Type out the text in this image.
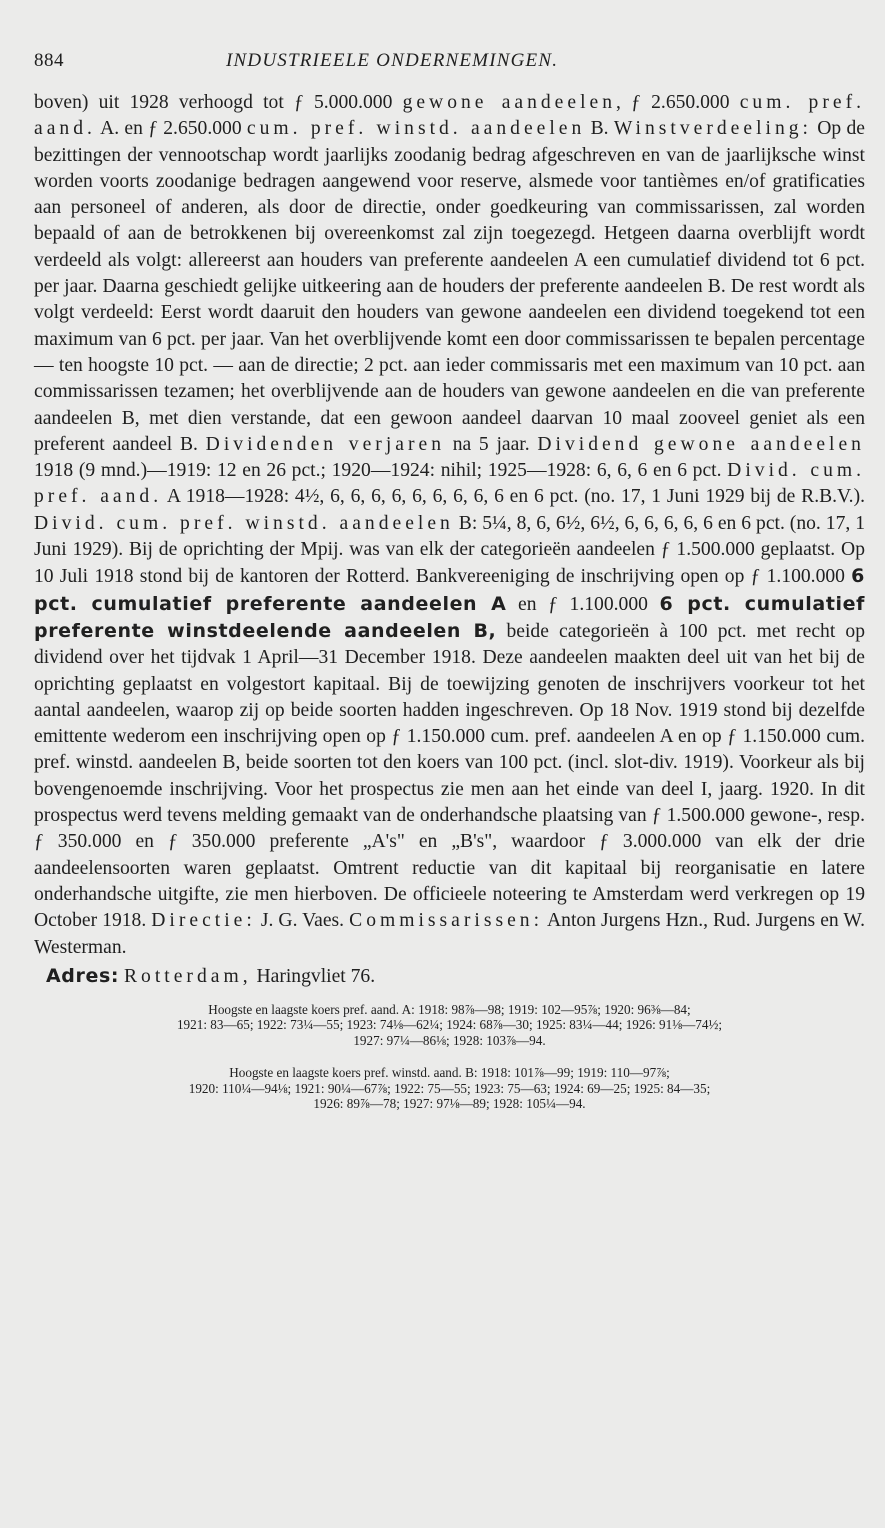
884	INDUSTRIEELE ONDERNEMINGEN.
boven) uit 1928 verhoogd tot ƒ 5.000.000 gewone aandeelen, ƒ 2.650.000 cum. pref. aand. A. en ƒ 2.650.000 cum. pref. winstd. aandeelen B. Winstverdeeling: Op de bezittingen der vennootschap wordt jaarlijks zoodanig bedrag afgeschreven en van de jaarlijksche winst worden voorts zoodanige bedragen aangewend voor reserve, alsmede voor tantièmes en/of gratificaties aan personeel of anderen, als door de directie, onder goedkeuring van commissarissen, zal worden bepaald of aan de betrokkenen bij overeenkomst zal zijn toegezegd. Hetgeen daarna overblijft wordt verdeeld als volgt: allereerst aan houders van preferente aandeelen A een cumulatief dividend tot 6 pct. per jaar. Daarna geschiedt gelijke uitkeering aan de houders der preferente aandeelen B. De rest wordt als volgt verdeeld: Eerst wordt daaruit den houders van gewone aandeelen een dividend toegekend tot een maximum van 6 pct. per jaar. Van het overblijvende komt een door commissarissen te bepalen percentage — ten hoogste 10 pct. — aan de directie; 2 pct. aan ieder commissaris met een maximum van 10 pct. aan commissarissen tezamen; het overblijvende aan de houders van gewone aandeelen en die van preferente aandeelen B, met dien verstande, dat een gewoon aandeel daarvan 10 maal zooveel geniet als een preferent aandeel B. Dividenden verjaren na 5 jaar. Dividend gewone aandeelen 1918 (9 mnd.)—1919: 12 en 26 pct.; 1920—1924: nihil; 1925—1928: 6, 6, 6 en 6 pct. Divid. cum. pref. aand. A 1918—1928: 4½, 6, 6, 6, 6, 6, 6, 6, 6, 6 en 6 pct. (no. 17, 1 Juni 1929 bij de R.B.V.). Divid. cum. pref. winstd. aandeelen B: 5¼, 8, 6, 6½, 6½, 6, 6, 6, 6, 6 en 6 pct. (no. 17, 1 Juni 1929). Bij de oprichting der Mpij. was van elk der categorieën aandeelen ƒ 1.500.000 geplaatst. Op 10 Juli 1918 stond bij de kantoren der Rotterd. Bankvereeniging de inschrijving open op ƒ 1.100.000 6 pct. cumulatief preferente aandeelen A en ƒ 1.100.000 6 pct. cumulatief preferente winstdeelende aandeelen B, beide categorieën à 100 pct. met recht op dividend over het tijdvak 1 April—31 December 1918. Deze aandeelen maakten deel uit van het bij de oprichting geplaatst en volgestort kapitaal. Bij de toewijzing genoten de inschrijvers voorkeur tot het aantal aandeelen, waarop zij op beide soorten hadden ingeschreven. Op 18 Nov. 1919 stond bij dezelfde emittente wederom een inschrijving open op ƒ 1.150.000 cum. pref. aandeelen A en op ƒ 1.150.000 cum. pref. winstd. aandeelen B, beide soorten tot den koers van 100 pct. (incl. slot-div. 1919). Voorkeur als bij bovengenoemde inschrijving. Voor het prospectus zie men aan het einde van deel I, jaarg. 1920. In dit prospectus werd tevens melding gemaakt van de onderhandsche plaatsing van ƒ 1.500.000 gewone-, resp. ƒ 350.000 en ƒ 350.000 preferente „A's" en „B's", waardoor ƒ 3.000.000 van elk der drie aandeelensoorten waren geplaatst. Omtrent reductie van dit kapitaal bij reorganisatie en latere onderhandsche uitgifte, zie men hierboven. De officieele noteering te Amsterdam werd verkregen op 19 October 1918. Directie: J. G. Vaes. Commissarissen: Anton Jurgens Hzn., Rud. Jurgens en W. Westerman.
Adres: Rotterdam, Haringvliet 76.
Hoogste en laagste koers pref. aand. A: 1918: 98⅞—98; 1919: 102—95⅞; 1920: 96⅜—84;
1921: 83—65; 1922: 73¼—55; 1923: 74⅛—62¼; 1924: 68⅞—30; 1925: 83¼—44; 1926: 91⅛—74½;
1927: 97¼—86⅛; 1928: 103⅞—94.
Hoogste en laagste koers pref. winstd. aand. B: 1918: 101⅞—99; 1919: 110—97⅞;
1920: 110¼—94⅛; 1921: 90¼—67⅞; 1922: 75—55; 1923: 75—63; 1924: 69—25; 1925: 84—35;
1926: 89⅞—78; 1927: 97⅛—89; 1928: 105¼—94.
